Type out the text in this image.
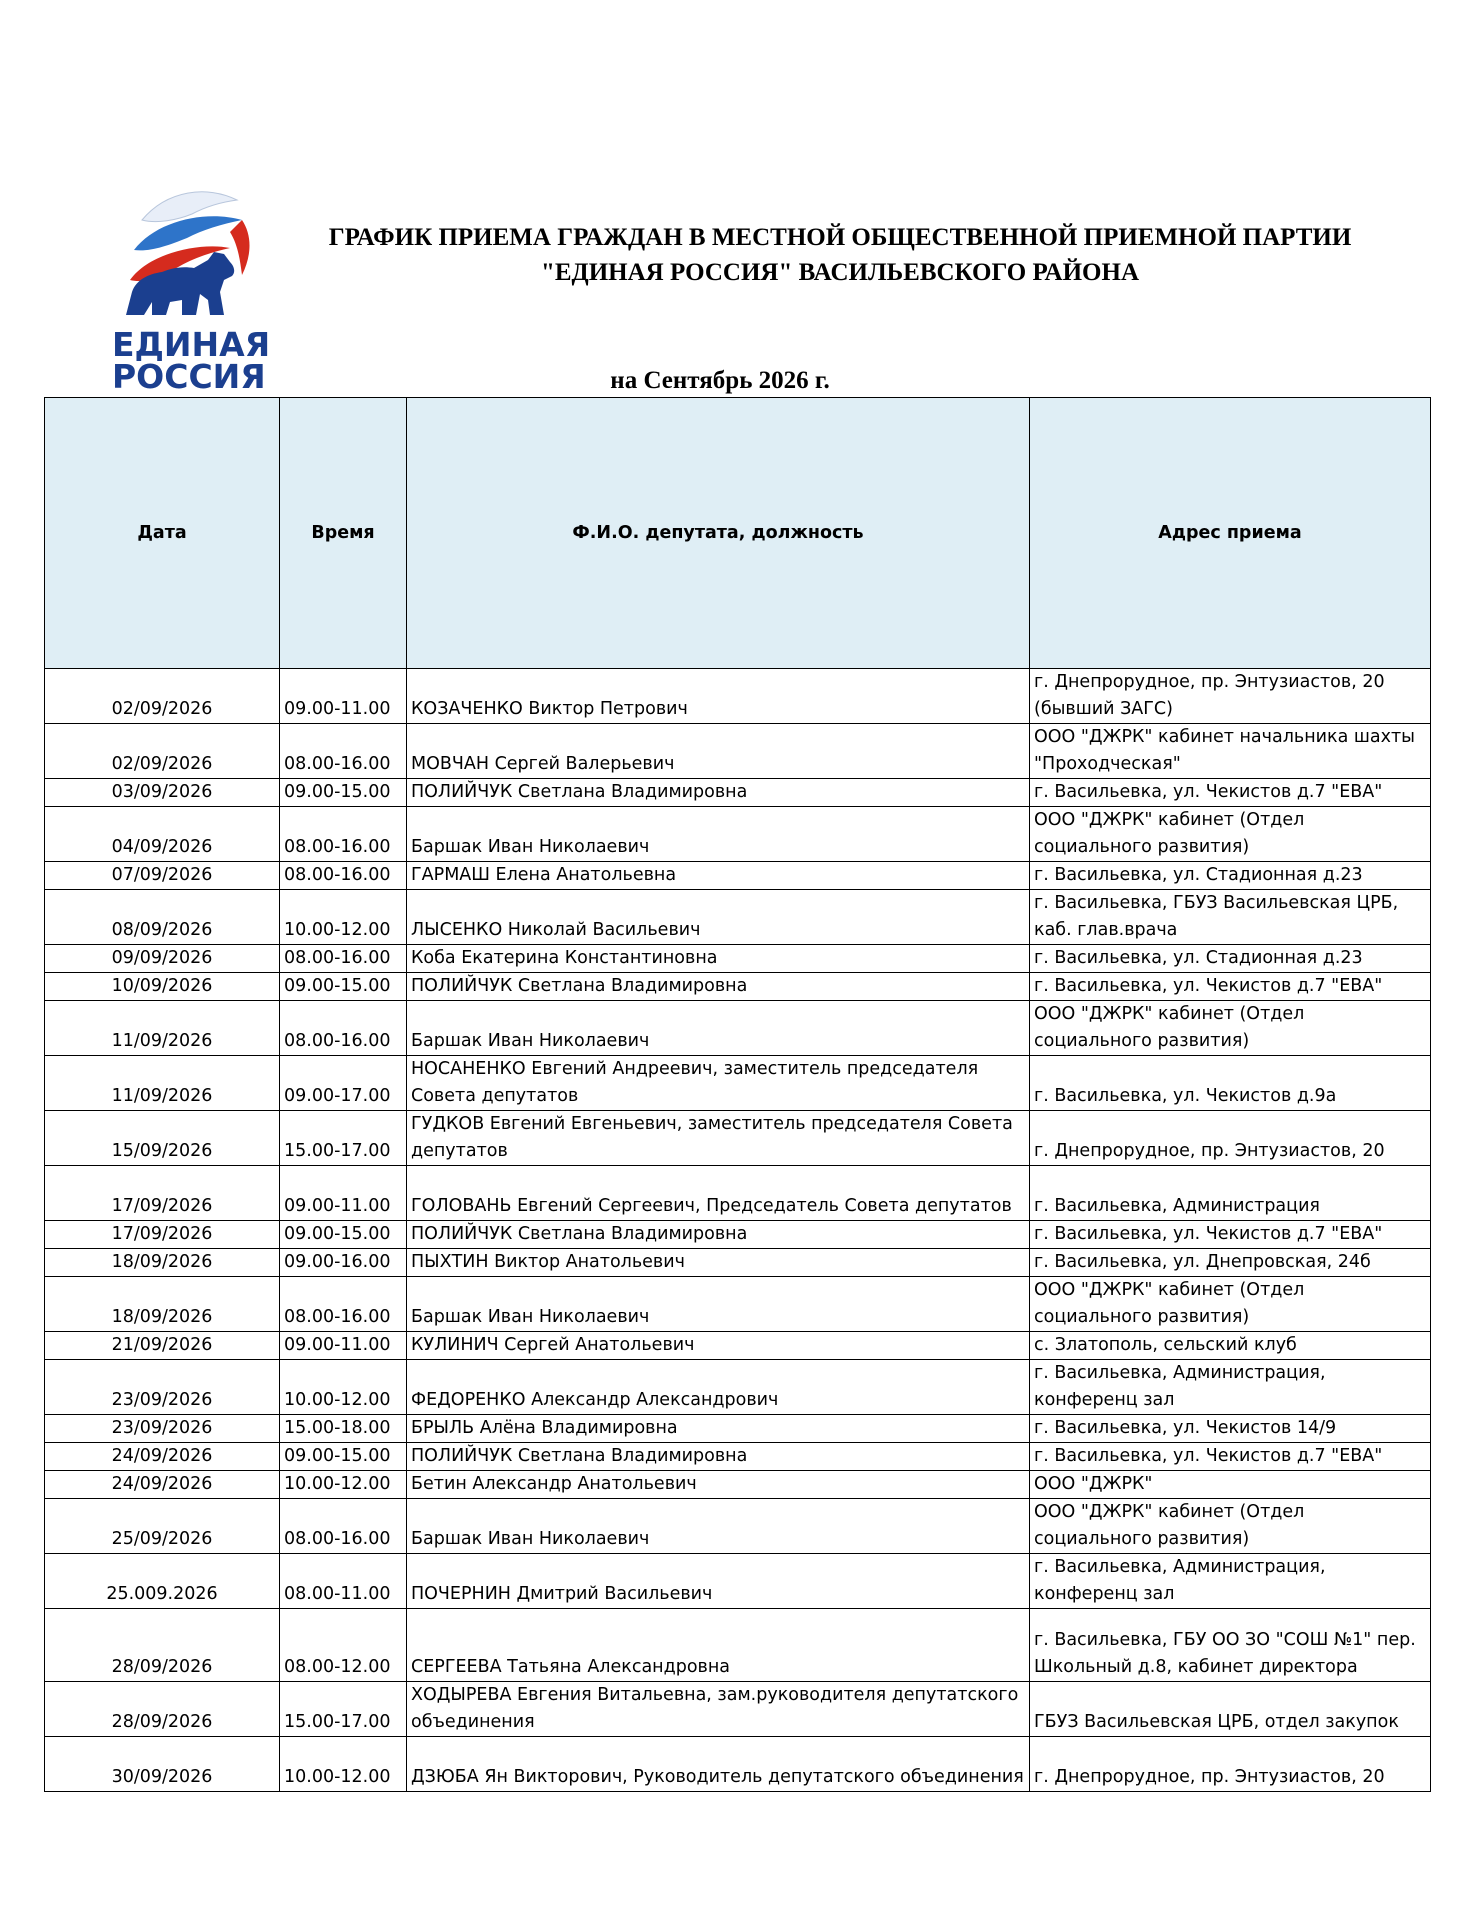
ЕДИНАЯ
РОССИЯ
ГРАФИК ПРИЕМА ГРАЖДАН В МЕСТНОЙ ОБЩЕСТВЕННОЙ ПРИЕМНОЙ ПАРТИИ
"ЕДИНАЯ РОССИЯ" ВАСИЛЬЕВСКОГО РАЙОНА
на Сентябрь 2026 г.
Дата	Время	Ф.И.О. депутата, должность	Адрес приема
02/09/2026	09.00-11.00	КОЗАЧЕНКО Виктор Петрович	г. Днепрорудное, пр. Энтузиастов, 20 (бывший ЗАГС)
02/09/2026	08.00-16.00	МОВЧАН Сергей Валерьевич	ООО "ДЖРК" кабинет начальника шахты "Проходческая"
03/09/2026	09.00-15.00	ПОЛИЙЧУК Светлана Владимировна	г. Васильевка, ул. Чекистов д.7 "ЕВА"
04/09/2026	08.00-16.00	Баршак Иван Николаевич	ООО "ДЖРК" кабинет (Отдел социального развития)
07/09/2026	08.00-16.00	ГАРМАШ Елена Анатольевна	г. Васильевка, ул. Стадионная д.23
08/09/2026	10.00-12.00	ЛЫСЕНКО Николай Васильевич	г. Васильевка, ГБУЗ Васильевская ЦРБ, каб. глав.врача
09/09/2026	08.00-16.00	Коба Екатерина Константиновна	г. Васильевка, ул. Стадионная д.23
10/09/2026	09.00-15.00	ПОЛИЙЧУК Светлана Владимировна	г. Васильевка, ул. Чекистов д.7 "ЕВА"
11/09/2026	08.00-16.00	Баршак Иван Николаевич	ООО "ДЖРК" кабинет (Отдел социального развития)
11/09/2026	09.00-17.00	НОСАНЕНКО Евгений Андреевич, заместитель председателя Совета депутатов	г. Васильевка, ул. Чекистов д.9а
15/09/2026	15.00-17.00	ГУДКОВ Евгений Евгеньевич, заместитель председателя Совета депутатов	г. Днепрорудное, пр. Энтузиастов, 20
17/09/2026	09.00-11.00	ГОЛОВАНЬ Евгений Сергеевич, Председатель Совета депутатов	г. Васильевка, Администрация
17/09/2026	09.00-15.00	ПОЛИЙЧУК Светлана Владимировна	г. Васильевка, ул. Чекистов д.7 "ЕВА"
18/09/2026	09.00-16.00	ПЫХТИН Виктор Анатольевич	г. Васильевка, ул. Днепровская, 24б
18/09/2026	08.00-16.00	Баршак Иван Николаевич	ООО "ДЖРК" кабинет (Отдел социального развития)
21/09/2026	09.00-11.00	КУЛИНИЧ Сергей Анатольевич	с. Златополь, сельский клуб
23/09/2026	10.00-12.00	ФЕДОРЕНКО Александр Александрович	г. Васильевка, Администрация, конференц зал
23/09/2026	15.00-18.00	БРЫЛЬ Алёна Владимировна	г. Васильевка, ул. Чекистов 14/9
24/09/2026	09.00-15.00	ПОЛИЙЧУК Светлана Владимировна	г. Васильевка, ул. Чекистов д.7 "ЕВА"
24/09/2026	10.00-12.00	Бетин Александр Анатольевич	ООО "ДЖРК"
25/09/2026	08.00-16.00	Баршак Иван Николаевич	ООО "ДЖРК" кабинет (Отдел социального развития)
25.009.2026	08.00-11.00	ПОЧЕРНИН Дмитрий Васильевич	г. Васильевка, Администрация, конференц зал
28/09/2026	08.00-12.00	СЕРГЕЕВА Татьяна Александровна	г. Васильевка, ГБУ ОО ЗО "СОШ №1" пер. Школьный д.8, кабинет директора
28/09/2026	15.00-17.00	ХОДЫРЕВА Евгения Витальевна, зам.руководителя депутатского объединения	ГБУЗ Васильевская ЦРБ, отдел закупок
30/09/2026	10.00-12.00	ДЗЮБА Ян Викторович, Руководитель депутатского объединения	г. Днепрорудное, пр. Энтузиастов, 20
